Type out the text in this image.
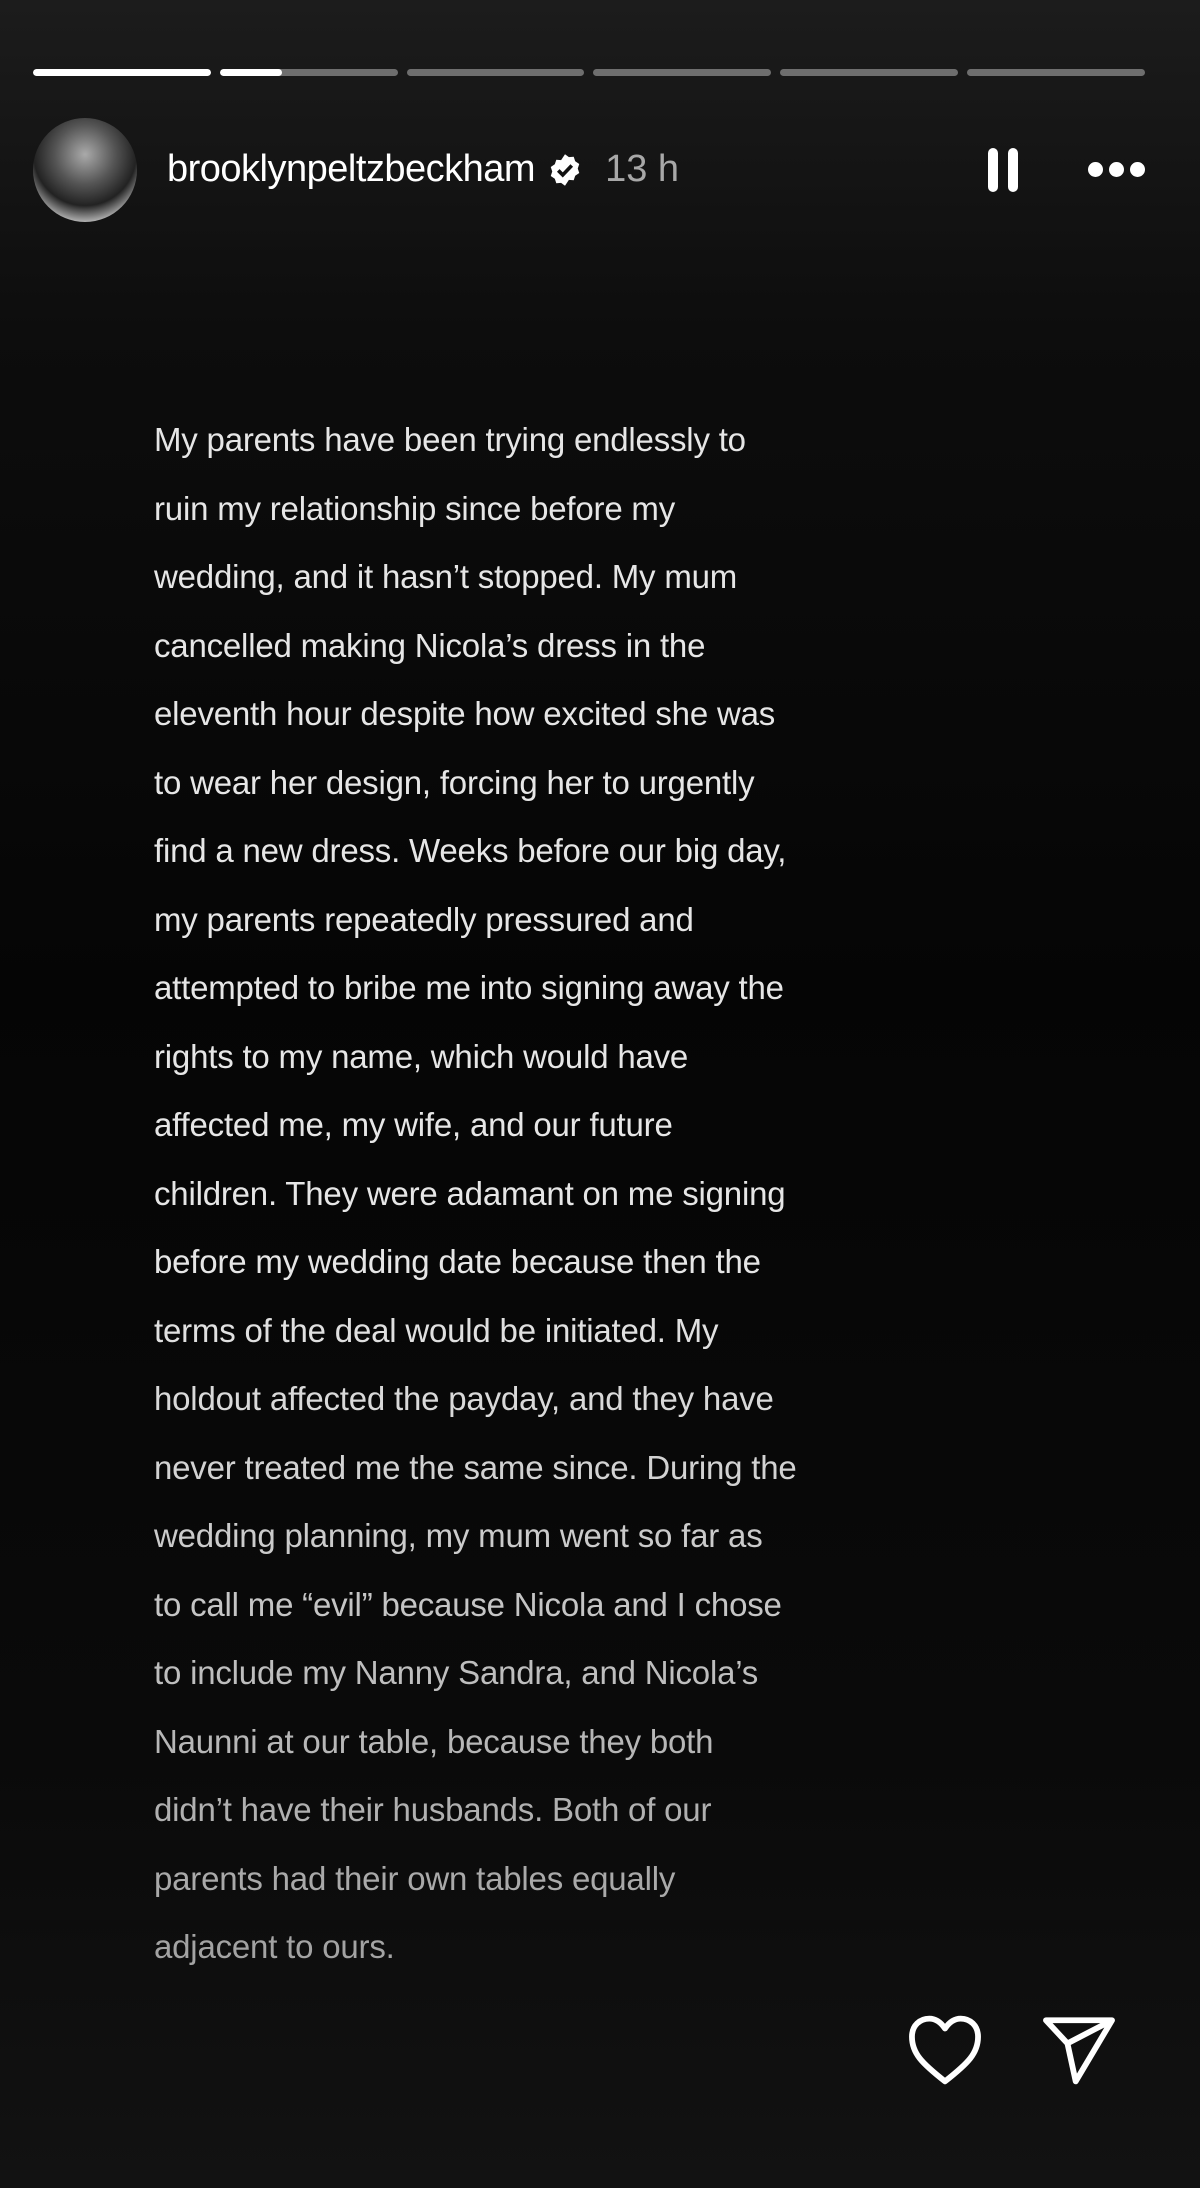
brooklynpeltzbeckham 13 h
My parents have been trying endlessly to
ruin my relationship since before my
wedding, and it hasn’t stopped. My mum
cancelled making Nicola’s dress in the
eleventh hour despite how excited she was
to wear her design, forcing her to urgently
find a new dress. Weeks before our big day,
my parents repeatedly pressured and
attempted to bribe me into signing away the
rights to my name, which would have
affected me, my wife, and our future
children. They were adamant on me signing
before my wedding date because then the
terms of the deal would be initiated. My
holdout affected the payday, and they have
never treated me the same since. During the
wedding planning, my mum went so far as
to call me “evil” because Nicola and I chose
to include my Nanny Sandra, and Nicola’s
Naunni at our table, because they both
didn’t have their husbands. Both of our
parents had their own tables equally
adjacent to ours.
